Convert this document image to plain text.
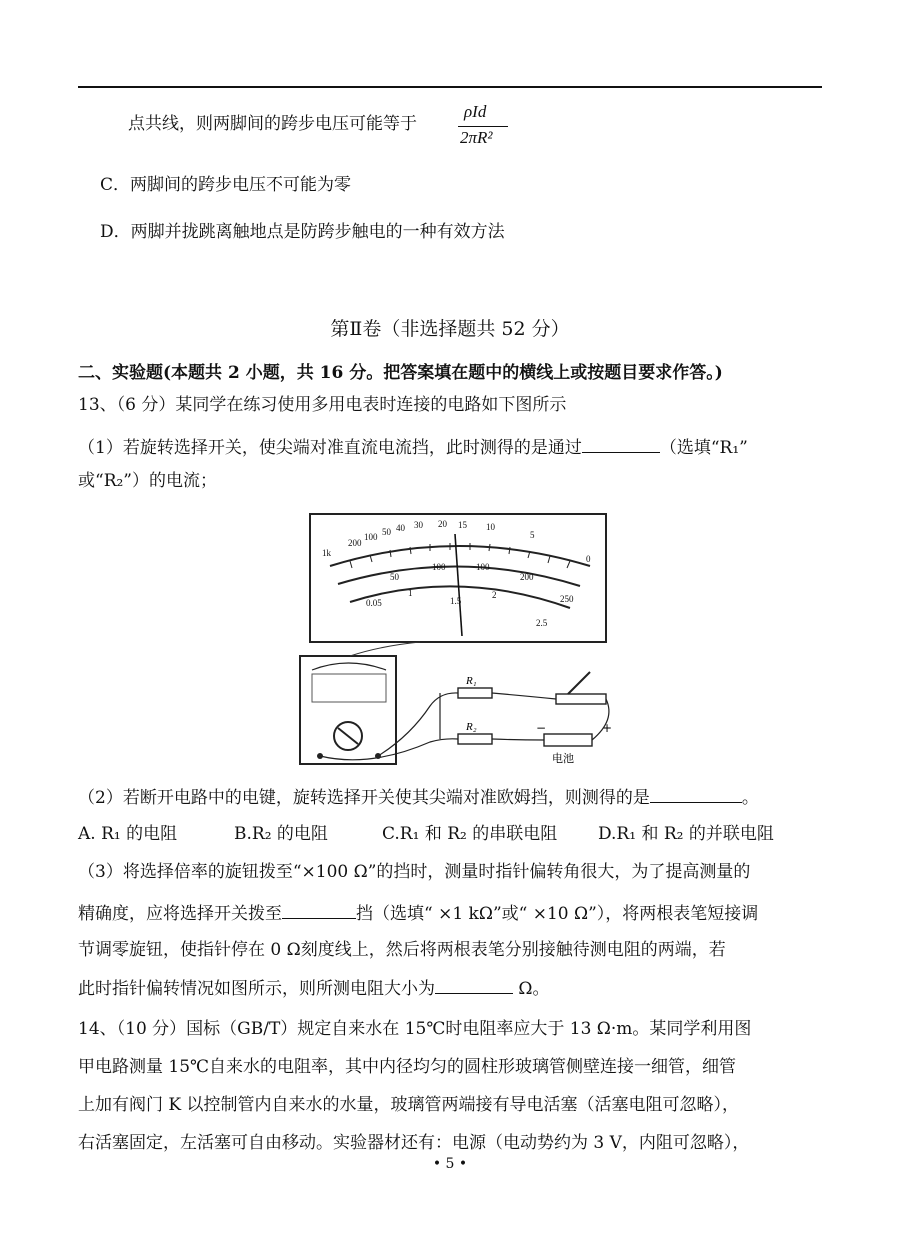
点共线，则两脚间的跨步电压可能等于
ρId
2πR²
C．两脚间的跨步电压不可能为零
D．两脚并拢跳离触地点是防跨步触电的一种有效方法
第Ⅱ卷（非选择题共 52 分）
二、实验题(本题共 2 小题，共 16 分。把答案填在题中的横线上或按题目要求作答。)
13、（6 分）某同学在练习使用多用电表时连接的电路如下图所示
（1）若旋转选择开关，使尖端对准直流电流挡，此时测得的是通过	（选填“R₁”
或“R₂”）的电流；
1k
200
100 50 40 30 20 15 10
5
0
0.05
1
1.5
2
2.5
50
100	100
200
250
R₁
R₂
电池
−	+
（2）若断开电路中的电键，旋转选择开关使其尖端对准欧姆挡，则测得的是	。
A. R₁ 的电阻	B.R₂ 的电阻	C.R₁ 和 R₂ 的串联电阻 D.R₁ 和 R₂ 的并联电阻
（3）将选择倍率的旋钮拨至“×100 Ω”的挡时，测量时指针偏转角很大，为了提高测量的
精确度，应将选择开关拨至	挡（选填“ ×1 kΩ”或“ ×10 Ω”），将两根表笔短接调
节调零旋钮，使指针停在 0 Ω刻度线上，然后将两根表笔分别接触待测电阻的两端，若
此时指针偏转情况如图所示，则所测电阻大小为	Ω。
14、（10 分）国标（GB/T）规定自来水在 15℃时电阻率应大于 13 Ω·m。某同学利用图
甲电路测量 15℃自来水的电阻率，其中内径均匀的圆柱形玻璃管侧壁连接一细管，细管
上加有阀门 K 以控制管内自来水的水量，玻璃管两端接有导电活塞（活塞电阻可忽略），
右活塞固定，左活塞可自由移动。实验器材还有：电源（电动势约为 3 V，内阻可忽略），
• 5 •
